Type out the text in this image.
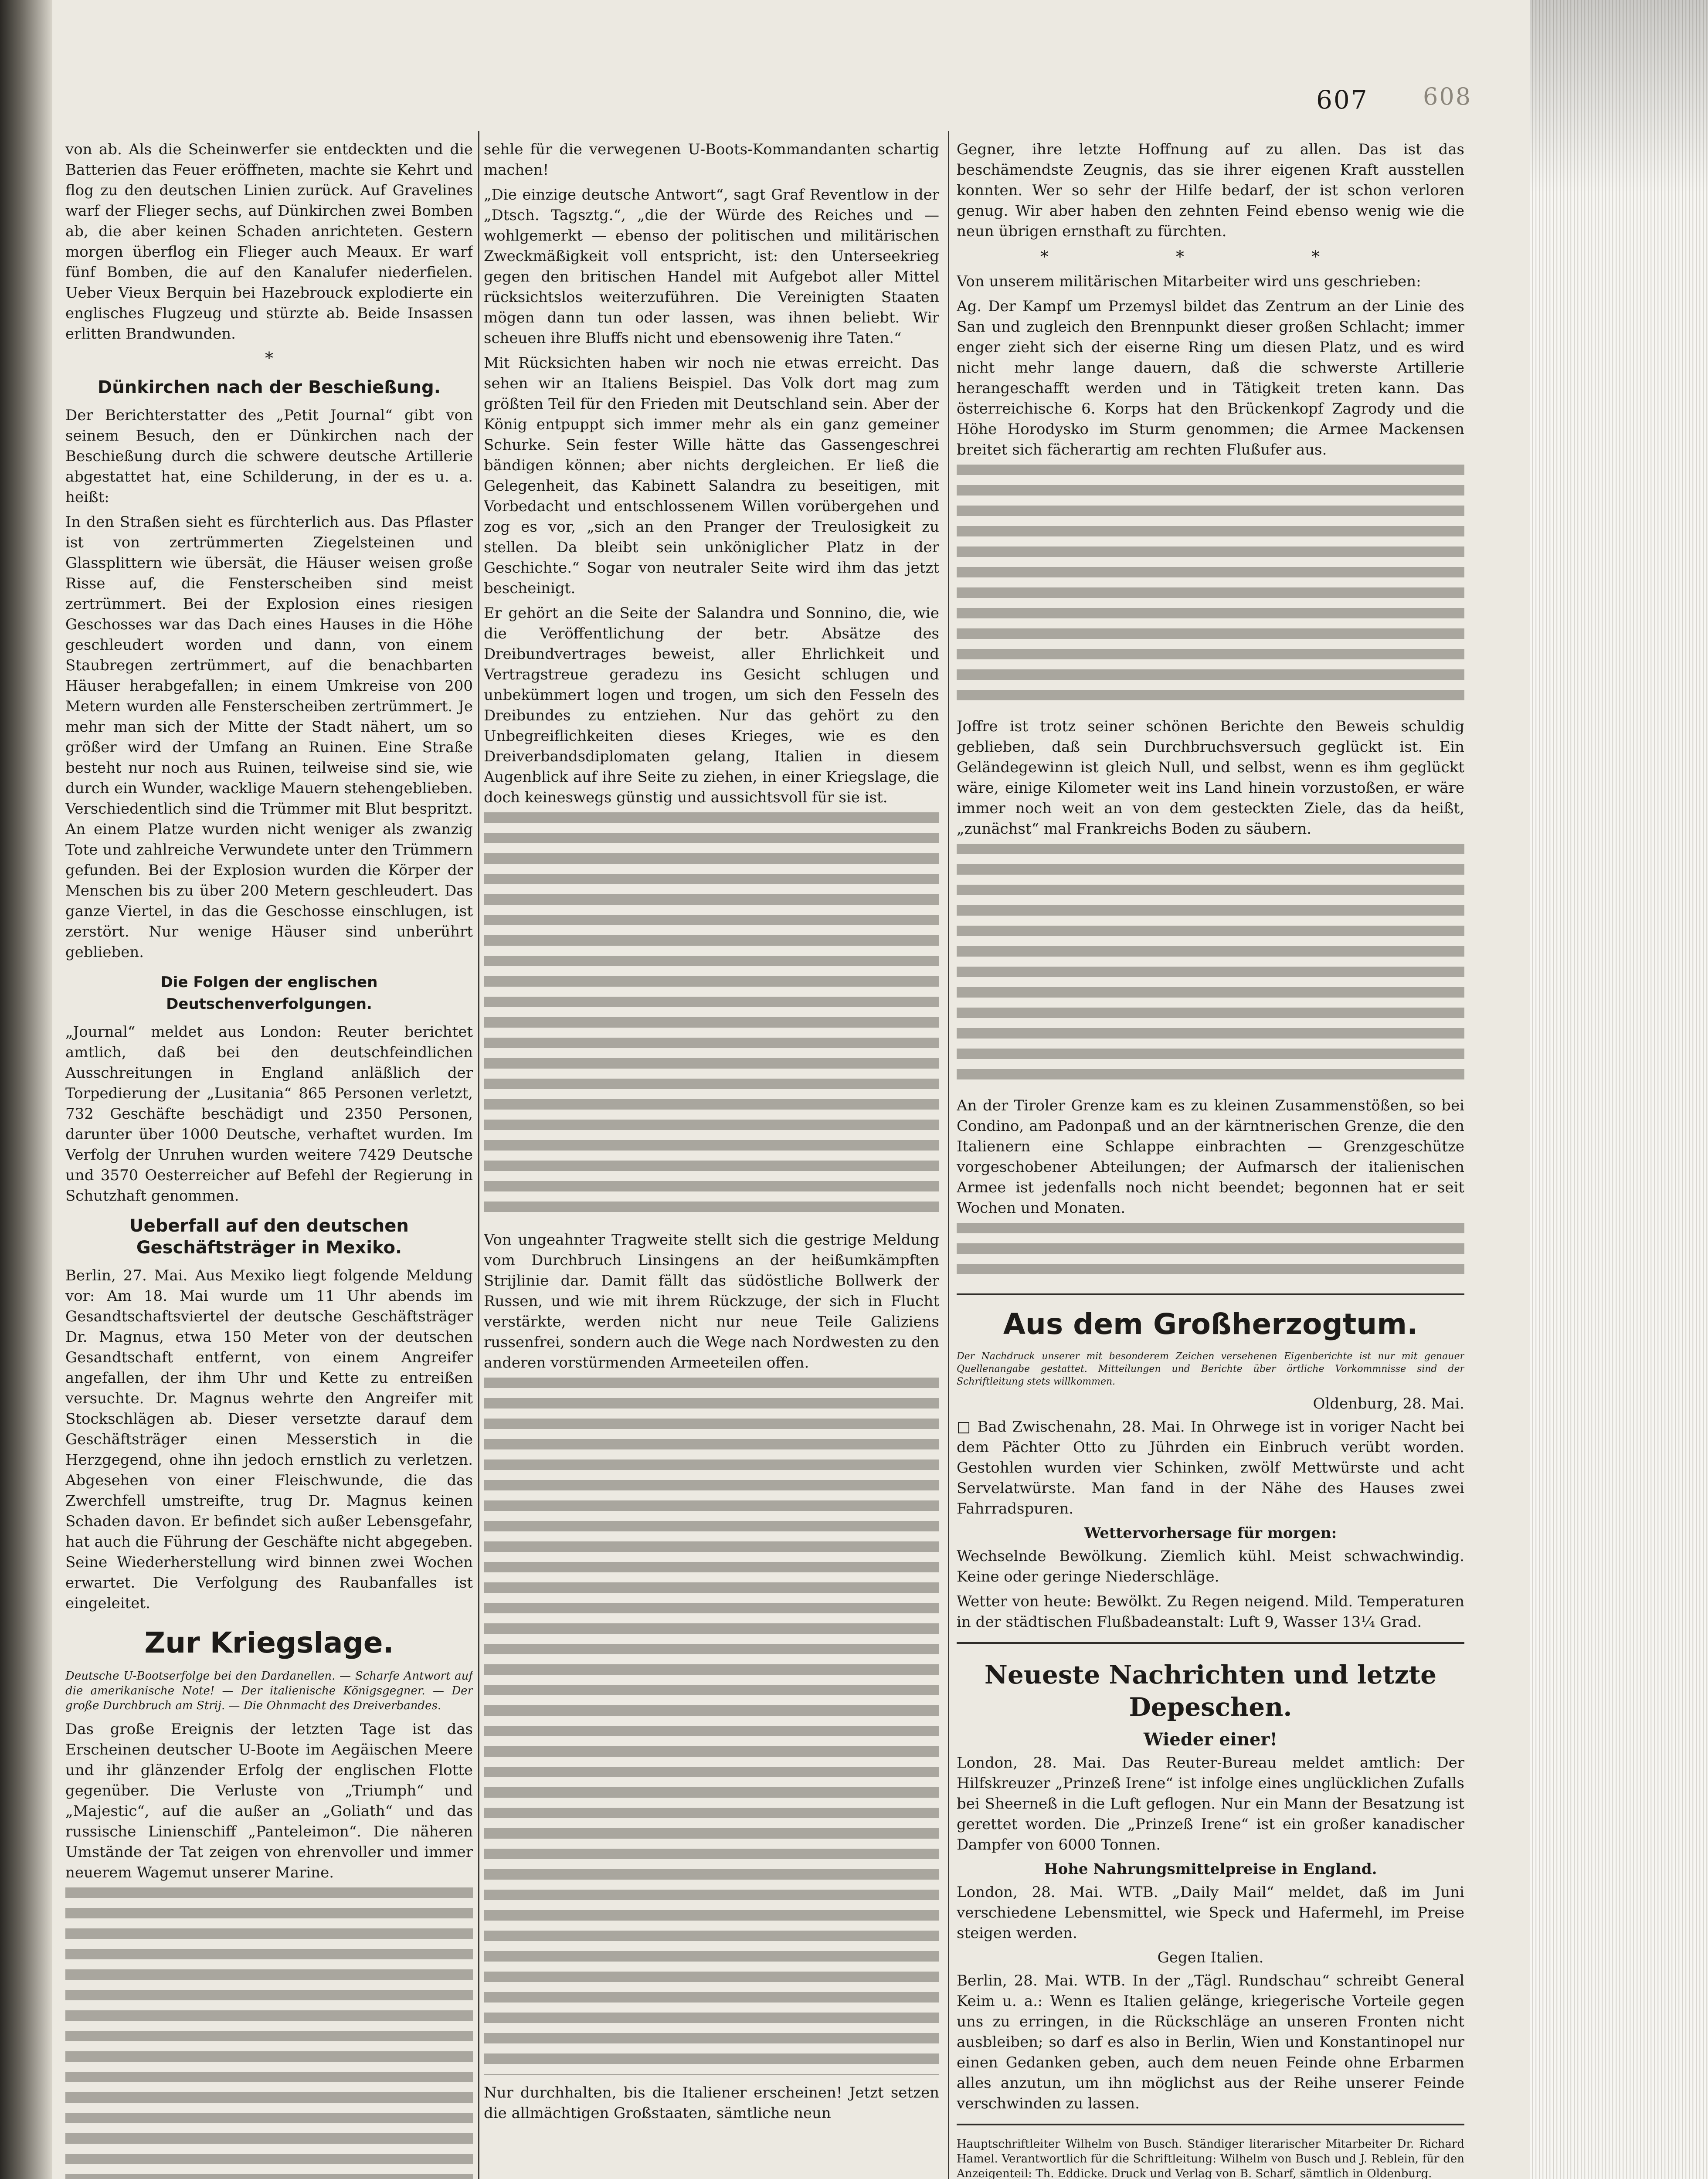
607 608

von ab. Als die Scheinwerfer sie entdeckten und die Batterien das Feuer eröffneten, machte sie Kehrt und flog zu den deutschen Linien zurück. Auf Gravelines warf der Flieger sechs, auf Dünkirchen zwei Bomben ab, die aber keinen Schaden anrichteten. Gestern morgen überflog ein Flieger auch Meaux. Er warf fünf Bomben, die auf den Kanalufer niederfielen. Ueber Vieux Berquin bei Hazebrouck explodierte ein englisches Flugzeug und stürzte ab. Beide Insassen erlitten Brandwunden.

*
Dünkirchen nach der Beschießung.

Der Berichterstatter des „Petit Journal“ gibt von seinem Besuch, den er Dünkirchen nach der Beschießung durch die schwere deutsche Artillerie abgestattet hat, eine Schilderung, in der es u. a. heißt:

In den Straßen sieht es fürchterlich aus. Das Pflaster ist von zertrümmerten Ziegelsteinen und Glassplittern wie übersät, die Häuser weisen große Risse auf, die Fensterscheiben sind meist zertrümmert. Bei der Explosion eines riesigen Geschosses war das Dach eines Hauses in die Höhe geschleudert worden und dann, von einem Staubregen zertrümmert, auf die benachbarten Häuser herabgefallen; in einem Umkreise von 200 Metern wurden alle Fensterscheiben zertrümmert. Je mehr man sich der Mitte der Stadt nähert, um so größer wird der Umfang an Ruinen. Eine Straße besteht nur noch aus Ruinen, teilweise sind sie, wie durch ein Wunder, wacklige Mauern stehengeblieben. Verschiedentlich sind die Trümmer mit Blut bespritzt. An einem Platze wurden nicht weniger als zwanzig Tote und zahlreiche Verwundete unter den Trümmern gefunden. Bei der Explosion wurden die Körper der Menschen bis zu über 200 Metern geschleudert. Das ganze Viertel, in das die Geschosse einschlugen, ist zerstört. Nur wenige Häuser sind unberührt geblieben.

Die Folgen der englischen Deutschenverfolgungen.

„Journal“ meldet aus London: Reuter berichtet amtlich, daß bei den deutschfeindlichen Ausschreitungen in England anläßlich der Torpedierung der „Lusitania“ 865 Personen verletzt, 732 Geschäfte beschädigt und 2350 Personen, darunter über 1000 Deutsche, verhaftet wurden. Im Verfolg der Unruhen wurden weitere 7429 Deutsche und 3570 Oesterreicher auf Befehl der Regierung in Schutzhaft genommen.

Ueberfall auf den deutschen Geschäftsträger in Mexiko.

Berlin, 27. Mai. Aus Mexiko liegt folgende Meldung vor: Am 18. Mai wurde um 11 Uhr abends im Gesandtschaftsviertel der deutsche Geschäftsträger Dr. Magnus, etwa 150 Meter von der deutschen Gesandtschaft entfernt, von einem Angreifer angefallen, der ihm Uhr und Kette zu entreißen versuchte. Dr. Magnus wehrte den Angreifer mit Stockschlägen ab. Dieser versetzte darauf dem Geschäftsträger einen Messerstich in die Herzgegend, ohne ihn jedoch ernstlich zu verletzen. Abgesehen von einer Fleischwunde, die das Zwerchfell umstreifte, trug Dr. Magnus keinen Schaden davon. Er befindet sich außer Lebensgefahr, hat auch die Führung der Geschäfte nicht abgegeben. Seine Wiederherstellung wird binnen zwei Wochen erwartet. Die Verfolgung des Raubanfalles ist eingeleitet.

Zur Kriegslage.

Deutsche U-Bootserfolge bei den Dardanellen. — Scharfe Antwort auf die amerikanische Note! — Der italienische Königsgegner. — Der große Durchbruch am Strij. — Die Ohnmacht des Dreiverbandes.

Das große Ereignis der letzten Tage ist das Erscheinen deutscher U-Boote im Aegäischen Meere und ihr glänzender Erfolg der englischen Flotte gegenüber. Die Verluste von „Triumph“ und „Majestic“, auf die außer an „Goliath“ und das russische Linienschiff „Panteleimon“. Die näheren Umstände der Tat zeigen von ehrenvoller und immer neuerem Wagemut unserer Marine.

sehle für die verwegenen U-Boots-Kommandanten schartig machen!

„Die einzige deutsche Antwort“, sagt Graf Reventlow in der „Dtsch. Tagsztg.“, „die der Würde des Reiches und — wohlgemerkt — ebenso der politischen und militärischen Zweckmäßigkeit voll entspricht, ist: den Unterseekrieg gegen den britischen Handel mit Aufgebot aller Mittel rücksichtslos weiterzuführen. Die Vereinigten Staaten mögen dann tun oder lassen, was ihnen beliebt. Wir scheuen ihre Bluffs nicht und ebensowenig ihre Taten.“

Mit Rücksichten haben wir noch nie etwas erreicht. Das sehen wir an Italiens Beispiel. Das Volk dort mag zum größten Teil für den Frieden mit Deutschland sein. Aber der König entpuppt sich immer mehr als ein ganz gemeiner Schurke. Sein fester Wille hätte das Gassengeschrei bändigen können; aber nichts dergleichen. Er ließ die Gelegenheit, das Kabinett Salandra zu beseitigen, mit Vorbedacht und entschlossenem Willen vorübergehen und zog es vor, „sich an den Pranger der Treulosigkeit zu stellen. Da bleibt sein unköniglicher Platz in der Geschichte.“ Sogar von neutraler Seite wird ihm das jetzt bescheinigt.

Er gehört an die Seite der Salandra und Sonnino, die, wie die Veröffentlichung der betr. Absätze des Dreibundvertrages beweist, aller Ehrlichkeit und Vertragstreue geradezu ins Gesicht schlugen und unbekümmert logen und trogen, um sich den Fesseln des Dreibundes zu entziehen. Nur das gehört zu den Unbegreiflichkeiten dieses Krieges, wie es den Dreiverbandsdiplomaten gelang, Italien in diesem Augenblick auf ihre Seite zu ziehen, in einer Kriegslage, die doch keineswegs günstig und aussichtsvoll für sie ist.

Von ungeahnter Tragweite stellt sich die gestrige Meldung vom Durchbruch Linsingens an der heißumkämpften Strijlinie dar. Damit fällt das südöstliche Bollwerk der Russen, und wie mit ihrem Rückzuge, der sich in Flucht verstärkte, werden nicht nur neue Teile Galiziens russenfrei, sondern auch die Wege nach Nordwesten zu den anderen vorstürmenden Armeeteilen offen.

Nur durchhalten, bis die Italiener erscheinen! Jetzt setzen die allmächtigen Großstaaten, sämtliche neun

Gegner, ihre letzte Hoffnung auf zu allen. Das ist das beschämendste Zeugnis, das sie ihrer eigenen Kraft ausstellen konnten. Wer so sehr der Hilfe bedarf, der ist schon verloren genug. Wir aber haben den zehnten Feind ebenso wenig wie die neun übrigen ernsthaft zu fürchten.

* * *

Von unserem militärischen Mitarbeiter wird uns geschrieben:

Ag. Der Kampf um Przemysl bildet das Zentrum an der Linie des San und zugleich den Brennpunkt dieser großen Schlacht; immer enger zieht sich der eiserne Ring um diesen Platz, und es wird nicht mehr lange dauern, daß die schwerste Artillerie herangeschafft werden und in Tätigkeit treten kann. Das österreichische 6. Korps hat den Brückenkopf Zagrody und die Höhe Horodysko im Sturm genommen; die Armee Mackensen breitet sich fächerartig am rechten Flußufer aus.

Joffre ist trotz seiner schönen Berichte den Beweis schuldig geblieben, daß sein Durchbruchsversuch geglückt ist. Ein Geländegewinn ist gleich Null, und selbst, wenn es ihm geglückt wäre, einige Kilometer weit ins Land hinein vorzustoßen, er wäre immer noch weit an von dem gesteckten Ziele, das da heißt, „zunächst“ mal Frankreichs Boden zu säubern.

An der Tiroler Grenze kam es zu kleinen Zusammenstößen, so bei Condino, am Padonpaß und an der kärntnerischen Grenze, die den Italienern eine Schlappe einbrachten — Grenzgeschütze vorgeschobener Abteilungen; der Aufmarsch der italienischen Armee ist jedenfalls noch nicht beendet; begonnen hat er seit Wochen und Monaten.

Aus dem Großherzogtum.

Der Nachdruck unserer mit besonderem Zeichen versehenen Eigenberichte ist nur mit genauer Quellenangabe gestattet. Mitteilungen und Berichte über örtliche Vorkommnisse sind der Schriftleitung stets willkommen.

Oldenburg, 28. Mai.

□ Bad Zwischenahn, 28. Mai. In Ohrwege ist in voriger Nacht bei dem Pächter Otto zu Jührden ein Einbruch verübt worden. Gestohlen wurden vier Schinken, zwölf Mettwürste und acht Servelatwürste. Man fand in der Nähe des Hauses zwei Fahrradspuren.

Wettervorhersage für morgen:

Wechselnde Bewölkung. Ziemlich kühl. Meist schwachwindig. Keine oder geringe Niederschläge.

Wetter von heute: Bewölkt. Zu Regen neigend. Mild. Temperaturen in der städtischen Flußbadeanstalt: Luft 9, Wasser 13¼ Grad.

Neueste Nachrichten und letzte Depeschen.
Wieder einer!

London, 28. Mai. Das Reuter-Bureau meldet amtlich: Der Hilfskreuzer „Prinzeß Irene“ ist infolge eines unglücklichen Zufalls bei Sheerneß in die Luft geflogen. Nur ein Mann der Besatzung ist gerettet worden. Die „Prinzeß Irene“ ist ein großer kanadischer Dampfer von 6000 Tonnen.

Hohe Nahrungsmittelpreise in England.

London, 28. Mai. WTB. „Daily Mail“ meldet, daß im Juni verschiedene Lebensmittel, wie Speck und Hafermehl, im Preise steigen werden.

Gegen Italien.

Berlin, 28. Mai. WTB. In der „Tägl. Rundschau“ schreibt General Keim u. a.: Wenn es Italien gelänge, kriegerische Vorteile gegen uns zu erringen, in die Rückschläge an unseren Fronten nicht ausbleiben; so darf es also in Berlin, Wien und Konstantinopel nur einen Gedanken geben, auch dem neuen Feinde ohne Erbarmen alles anzutun, um ihn möglichst aus der Reihe unserer Feinde verschwinden zu lassen.

Hauptschriftleiter Wilhelm von Busch. Ständiger literarischer Mitarbeiter Dr. Richard Hamel. Verantwortlich für die Schriftleitung: Wilhelm von Busch und J. Reblein, für den Anzeigenteil: Th. Eddicke. Druck und Verlag von B. Scharf, sämtlich in Oldenburg.
